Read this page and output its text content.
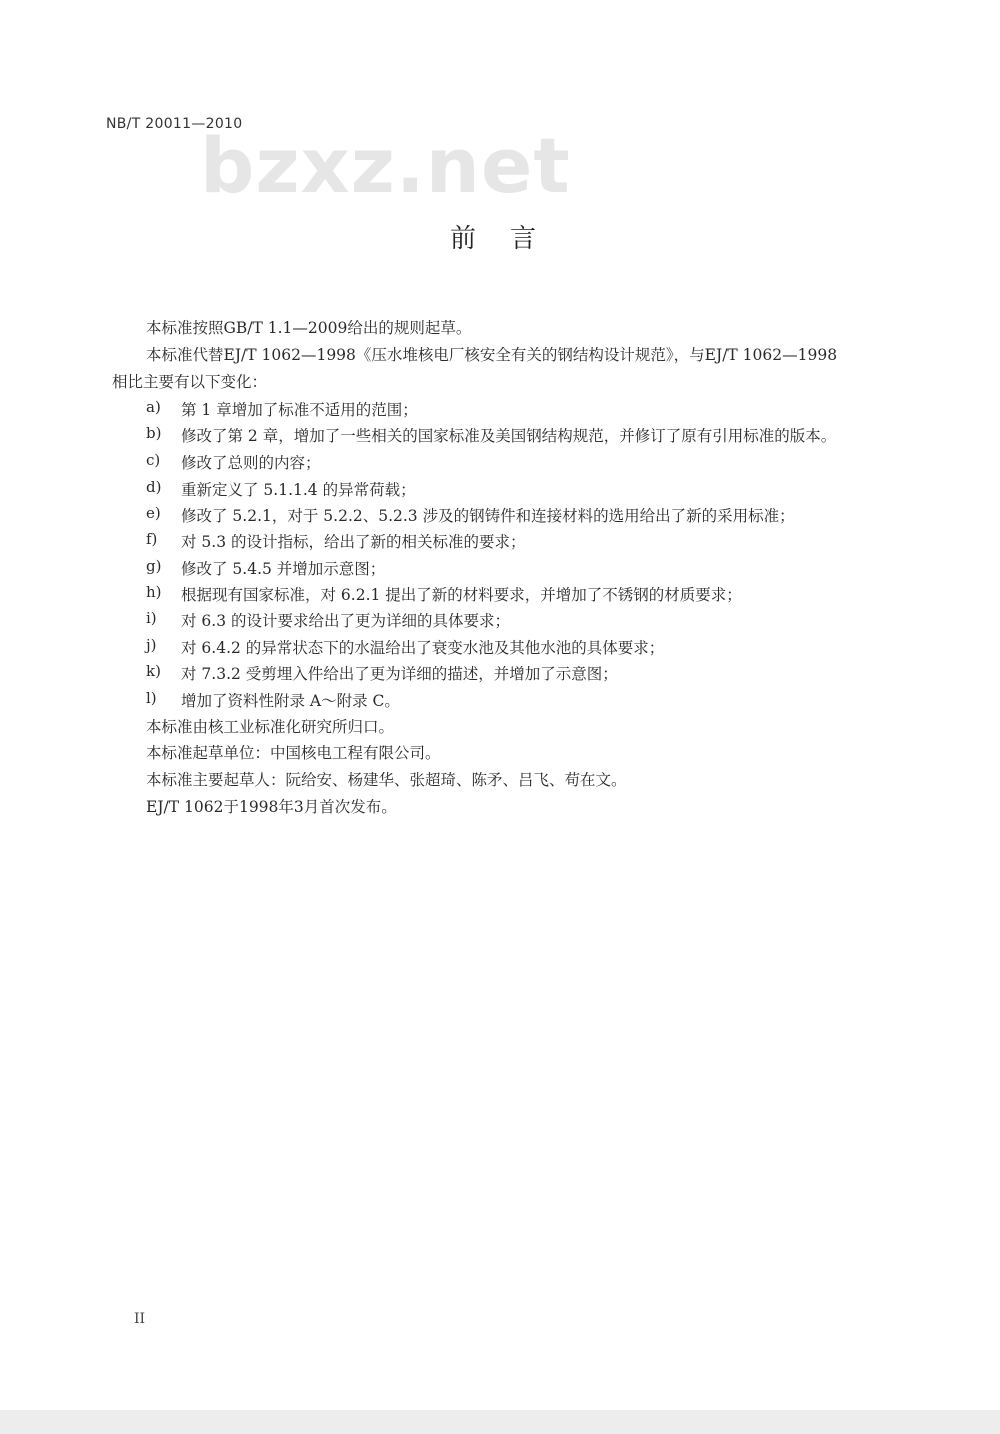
NB/T 20011—2010
bzxz.net
前言
本标准按照GB/T 1.1—2009给出的规则起草。
本标准代替EJ/T 1062—1998《压水堆核电厂核安全有关的钢结构设计规范》，与EJ/T 1062—1998
相比主要有以下变化：
a) 第 1 章增加了标准不适用的范围；
b) 修改了第 2 章，增加了一些相关的国家标准及美国钢结构规范，并修订了原有引用标准的版本。
c) 修改了总则的内容；
d) 重新定义了 5.1.1.4 的异常荷载；
e) 修改了 5.2.1，对于 5.2.2、5.2.3 涉及的钢铸件和连接材料的选用给出了新的采用标准；
f) 对 5.3 的设计指标，给出了新的相关标准的要求；
g) 修改了 5.4.5 并增加示意图；
h) 根据现有国家标准，对 6.2.1 提出了新的材料要求，并增加了不锈钢的材质要求；
i) 对 6.3 的设计要求给出了更为详细的具体要求；
j) 对 6.4.2 的异常状态下的水温给出了衰变水池及其他水池的具体要求；
k) 对 7.3.2 受剪埋入件给出了更为详细的描述，并增加了示意图；
l) 增加了资料性附录 A～附录 C。
本标准由核工业标准化研究所归口。
本标准起草单位：中国核电工程有限公司。
本标准主要起草人：阮给安、杨建华、张超琦、陈矛、吕飞、苟在文。
EJ/T 1062于1998年3月首次发布。
II
